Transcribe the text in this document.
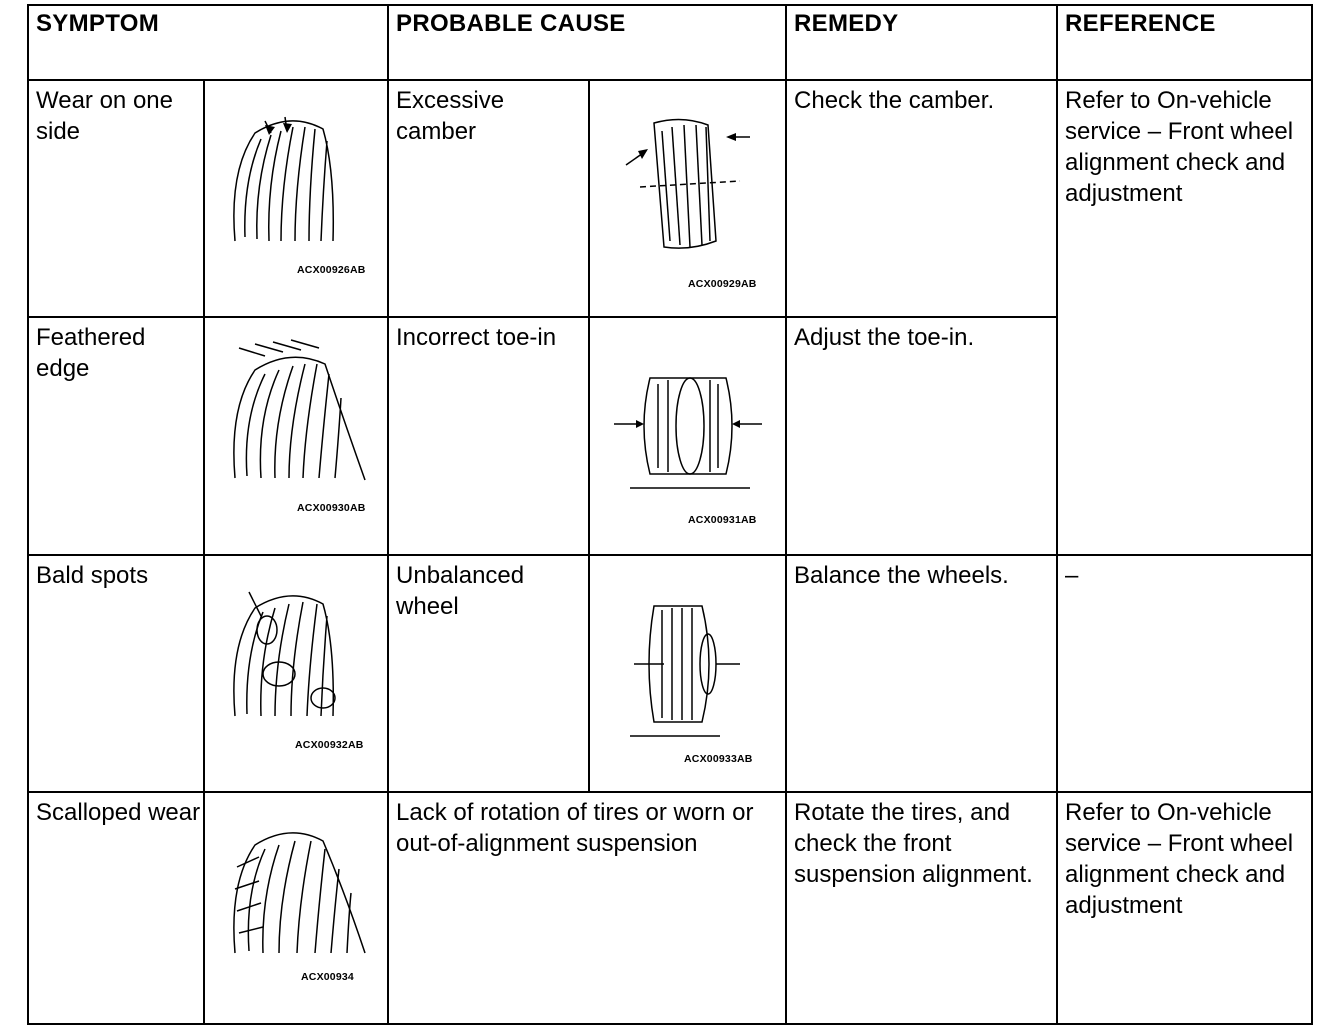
SYMPTOM		PROBABLE CAUSE		REMEDY	REFERENCE
Wear on one side	ACX00926AB	Excessive camber	ACX00929AB	Check the camber.	Refer to On-vehicle service – Front wheel alignment check and adjustment
Feathered edge	ACX00930AB	Incorrect toe-in	ACX00931AB	Adjust the toe-in.	
Bald spots	ACX00932AB	Unbalanced wheel	ACX00933AB	Balance the wheels.	–
Scalloped wear	ACX00934	Lack of rotation of tires or worn or out-of-alignment suspension		Rotate the tires, and check the front suspension alignment.	Refer to On-vehicle service – Front wheel alignment check and adjustment
